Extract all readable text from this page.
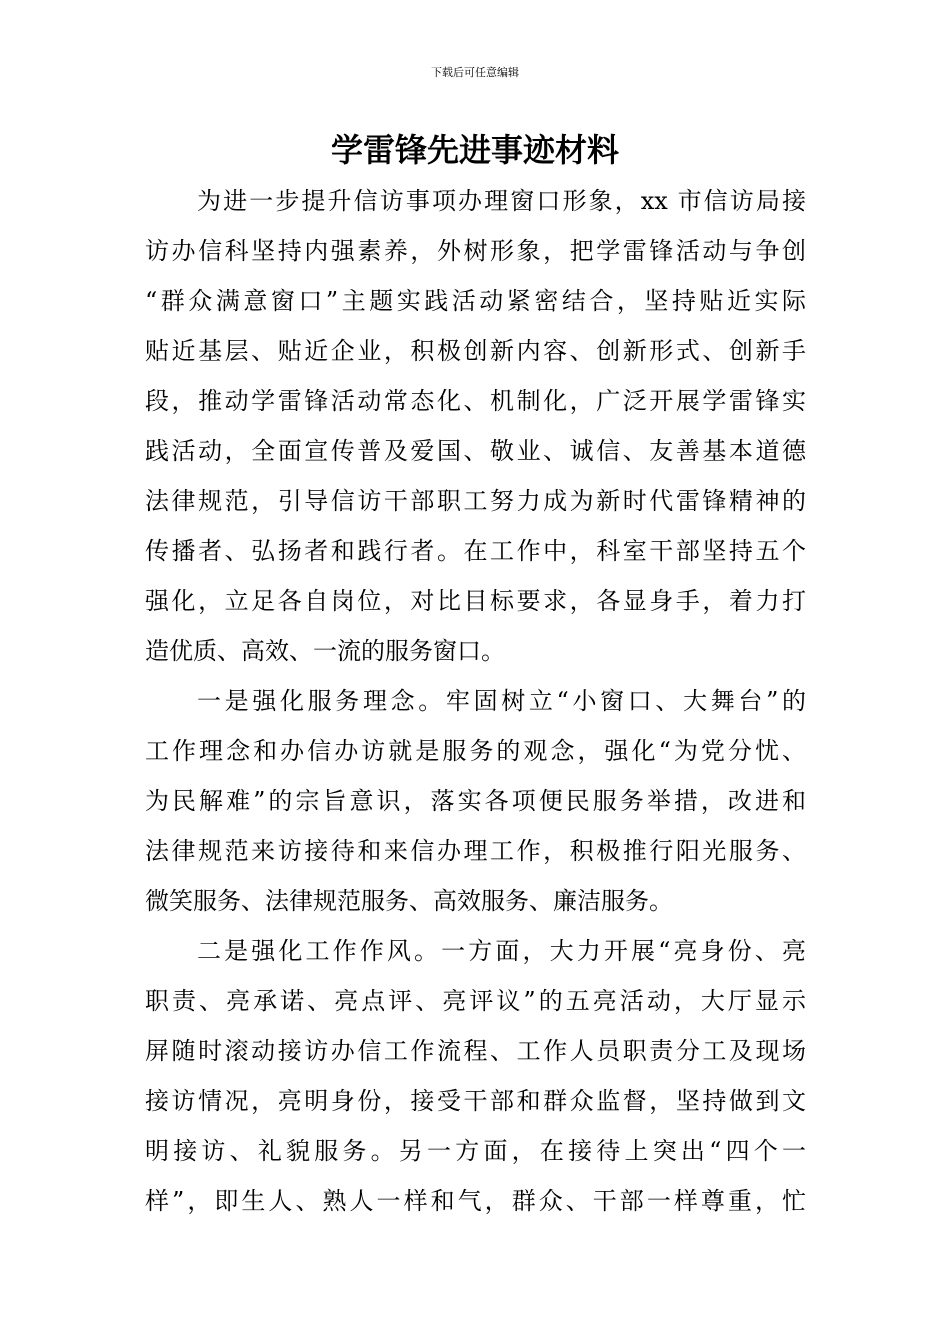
下载后可任意编辑
学雷锋先进事迹材料
为进一步提升信访事项办理窗口形象，xx 市信访局接
访办信科坚持内强素养，外树形象，把学雷锋活动与争创
“群众满意窗口”主题实践活动紧密结合，坚持贴近实际
贴近基层、贴近企业，积极创新内容、创新形式、创新手
段，推动学雷锋活动常态化、机制化，广泛开展学雷锋实
践活动，全面宣传普及爱国、敬业、诚信、友善基本道德
法律规范，引导信访干部职工努力成为新时代雷锋精神的
传播者、弘扬者和践行者。在工作中，科室干部坚持五个
强化，立足各自岗位，对比目标要求，各显身手，着力打
造优质、高效、一流的服务窗口。
一是强化服务理念。牢固树立“小窗口、大舞台”的
工作理念和办信办访就是服务的观念，强化“为党分忧、
为民解难”的宗旨意识，落实各项便民服务举措，改进和
法律规范来访接待和来信办理工作，积极推行阳光服务、
微笑服务、法律规范服务、高效服务、廉洁服务。
二是强化工作作风。一方面，大力开展“亮身份、亮
职责、亮承诺、亮点评、亮评议”的五亮活动，大厅显示
屏随时滚动接访办信工作流程、工作人员职责分工及现场
接访情况，亮明身份，接受干部和群众监督，坚持做到文
明接访、礼貌服务。另一方面，在接待上突出“四个一
样”，即生人、熟人一样和气，群众、干部一样尊重，忙
